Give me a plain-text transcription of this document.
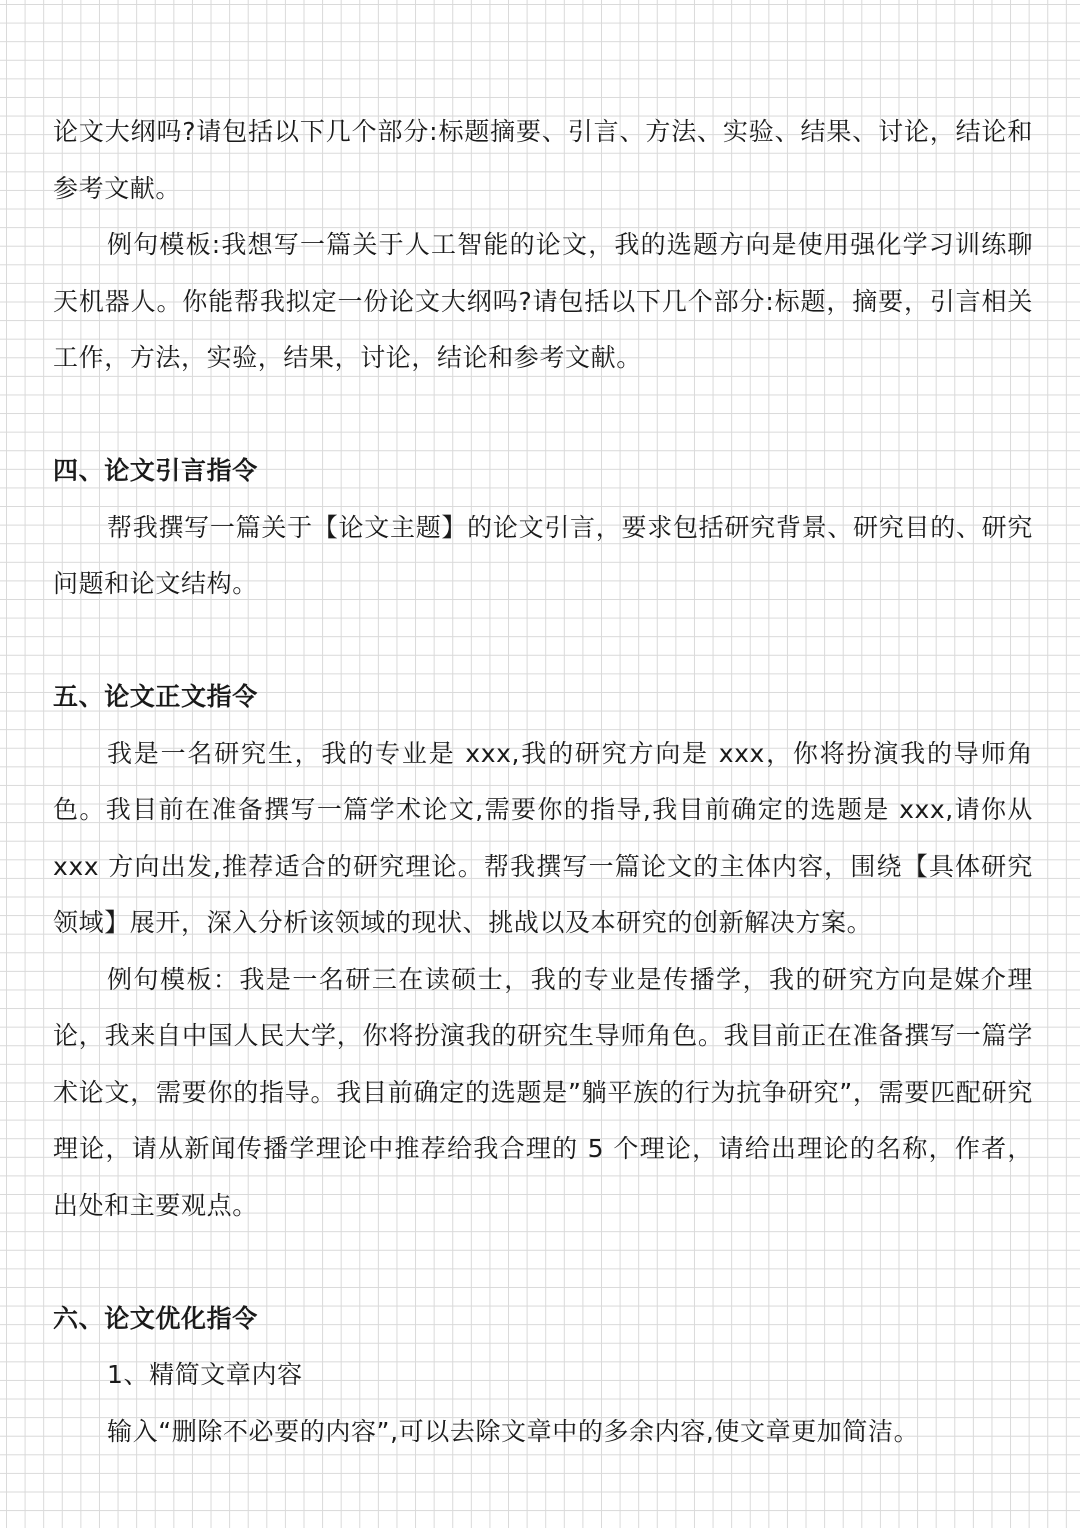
论文大纲吗?请包括以下几个部分:标题摘要、引言、方法、实验、结果、讨论，结论和参考文献。

例句模板:我想写一篇关于人工智能的论文，我的选题方向是使用强化学习训练聊天机器人。你能帮我拟定一份论文大纲吗?请包括以下几个部分:标题，摘要，引言相关工作，方法，实验，结果，讨论，结论和参考文献。

四、论文引言指令

帮我撰写一篇关于【论文主题】的论文引言，要求包括研究背景、研究目的、研究问题和论文结构。

五、论文正文指令

我是一名研究生，我的专业是 xxx,我的研究方向是 xxx，你将扮演我的导师角色。我目前在准备撰写一篇学术论文,需要你的指导,我目前确定的选题是 xxx,请你从 xxx 方向出发,推荐适合的研究理论。帮我撰写一篇论文的主体内容，围绕【具体研究领域】展开，深入分析该领域的现状、挑战以及本研究的创新解决方案。

例句模板：我是一名研三在读硕士，我的专业是传播学，我的研究方向是媒介理论，我来自中国人民大学，你将扮演我的研究生导师角色。我目前正在准备撰写一篇学术论文，需要你的指导。我目前确定的选题是”躺平族的行为抗争研究”，需要匹配研究理论，请从新闻传播学理论中推荐给我合理的 5 个理论，请给出理论的名称，作者，出处和主要观点。

六、论文优化指令

1、精简文章内容

输入“删除不必要的内容”,可以去除文章中的多余内容,使文章更加简洁。
